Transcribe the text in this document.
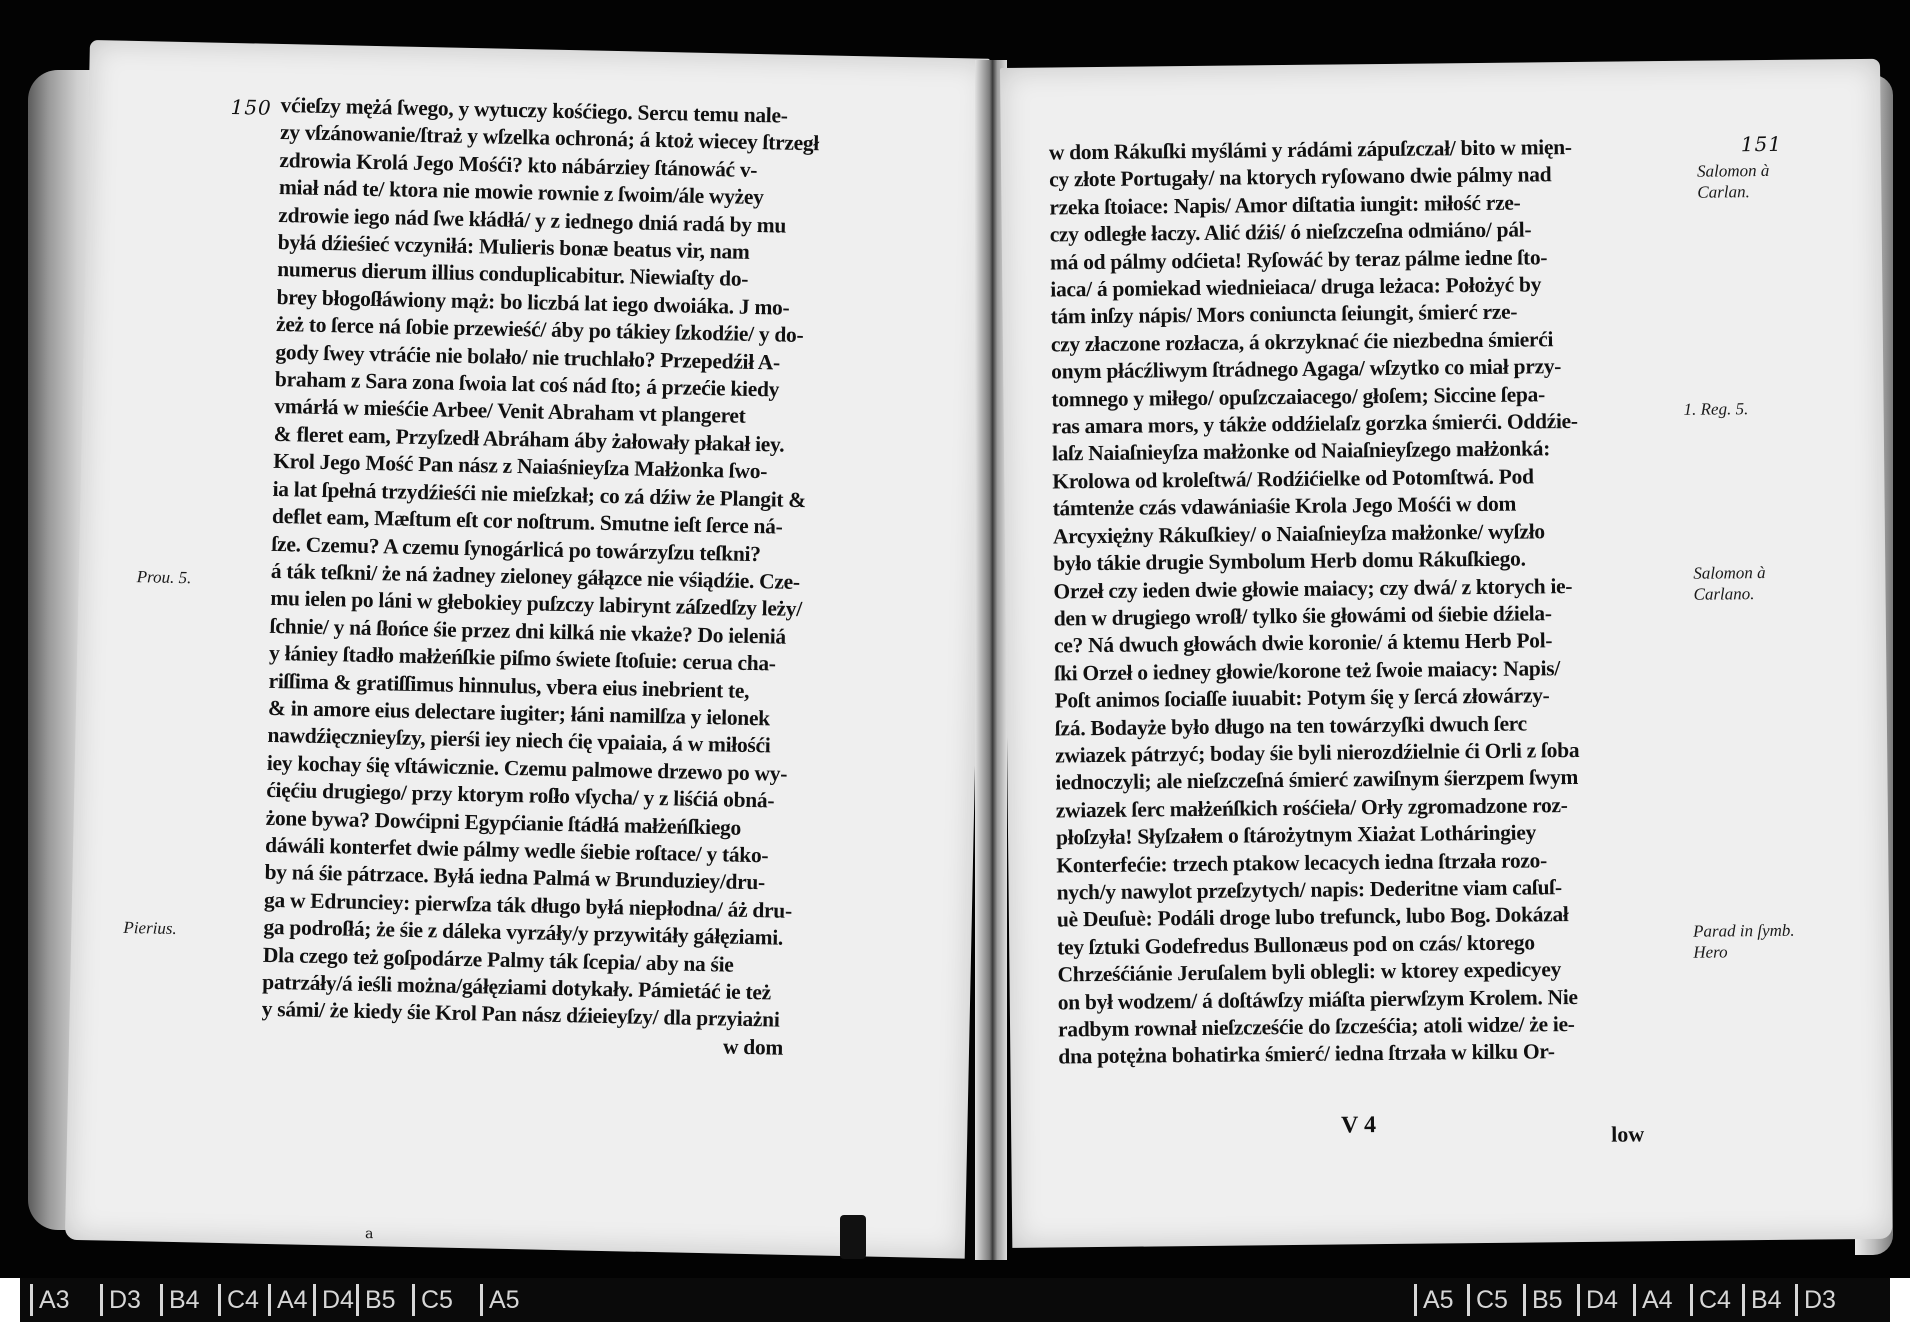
150 vćieſzy mężá ſwego, y wytuczy kośćiego. Sercu temu nale-
zy vſzánowanie/ſtraż y wſzelka ochroná; á ktoż wiecey ſtrzegł
zdrowia Krolá Jego Mośći? kto nábárziey ſtánowáć v-
miał nád te/ ktora nie mowie rownie z ſwoim/ále wyżey
zdrowie iego nád ſwe kłádłá/ y z iednego dniá radá by mu
byłá dźieśieć vczyniłá: Mulieris bonæ beatus vir, nam
numerus dierum illius conduplicabitur. Niewiaſty do-
brey błogoſłáwiony mąż: bo liczbá lat iego dwoiáka. J mo-
żeż to ſerce ná ſobie przewieść/ áby po tákiey ſzkodźie/ y do-
gody ſwey vtráćie nie bolało/ nie truchlało? Przepedźił A-
braham z Sara zona ſwoia lat coś nád ſto; á przećie kiedy
vmárłá w mieśćie Arbee/ Venit Abraham vt plangeret
& fleret eam, Przyſzedł Abráham áby żałowały płakał iey.
Krol Jego Mość Pan nász z Naiaśnieyſza Małżonka ſwo-
ia lat ſpełná trzydźieśći nie mieſzkał; co zá dźiw że Plangit &
deflet eam, Mæſtum eſt cor noſtrum. Smutne ieſt ſerce ná-
ſze. Czemu? A czemu ſynogárlicá po towárzyſzu teſkni?
á ták teſkni/ że ná żadney zieloney gáłązce nie vśiądźie. Cze-
mu ielen po láni w głebokiey puſzczy labirynt záſzedſzy leży/
ſchnie/ y ná ſłońce śie przez dni kilká nie vkaże? Do ieleniá
y łániey ſtadło małżeńſkie piſmo świete ſtoſuie: cerua cha-
riſſima & gratiſſimus hinnulus, vbera eius inebrient te,
& in amore eius delectare iugiter; łáni namilſza y ielonek
nawdźięcznieyſzy, pierśi iey niech ćię vpaiaia, á w miłośći
iey kochay śię vſtáwicznie. Czemu palmowe drzewo po wy-
ćięćiu drugiego/ przy ktorym roſło vſycha/ y z liśćiá obná-
żone bywa? Dowćipni Egypćianie ſtádłá małżeńſkiego
dáwáli konterfet dwie pálmy wedle śiebie roſtace/ y táko-
by ná śie pátrzace. Byłá iedna Palmá w Brunduziey/dru-
ga w Edrunciey: pierwſza ták długo byłá niepłodna/ áż dru-
ga podroſłá; że śie z dáleka vyrzáły/y przywitáły gáłęziami.
Dla czego też goſpodárze Palmy ták ſcepia/ aby na śie
patrzáły/á ieśli można/gáłęziami dotykały. Pámietáć ie też
y sámi/ że kiedy śie Krol Pan nász dźieieyſzy/ dla przyiażni
w dom
Prou. 5.
Pierius.
a
151
w dom Rákuſki myślámi y rádámi zápuſzczał/ bito w mięn-
cy złote Portugały/ na ktorych ryſowano dwie pálmy nad
rzeka ſtoiace: Napis/ Amor diſtatia iungit: miłość rze-
czy odległe łaczy. Alić dźiś/ ó nieſzczeſna odmiáno/ pál-
má od pálmy odćieta! Ryſowáć by teraz pálme iedne ſto-
iaca/ á pomiekad wiednieiaca/ druga leżaca: Położyć by
tám inſzy nápis/ Mors coniuncta ſeiungit, śmierć rze-
czy złaczone rozłacza, á okrzyknać ćie niezbedna śmierći
onym płácźliwym ſtrádnego Agaga/ wſzytko co miał przy-
tomnego y miłego/ opuſzczaiacego/ głoſem; Siccine ſepa-
ras amara mors, y tákże oddźielaſz gorzka śmierći. Oddźie-
laſz Naiaſnieyſza małżonke od Naiaſnieyſzego małżonká:
Krolowa od kroleſtwá/ Rodźićielke od Potomſtwá. Pod
támtenże czás vdawániaśie Krola Jego Mośći w dom
Arcyxiężny Rákuſkiey/ o Naiaſnieyſza małżonke/ wyſzło
było tákie drugie Symbolum Herb domu Rákuſkiego.
Orzeł czy ieden dwie głowie maiacy; czy dwá/ z ktorych ie-
den w drugiego wroſł/ tylko śie głowámi od śiebie dźiela-
ce? Ná dwuch głowách dwie koronie/ á ktemu Herb Pol-
ſki Orzeł o iedney głowie/korone też ſwoie maiacy: Napis/
Poſt animos ſociaſſe iuuabit: Potym śię y ſercá złowárzy-
ſzá. Bodayże było długo na ten towárzyſki dwuch ſerc
zwiazek pátrzyć; boday śie byli nierozdźielnie ći Orli z ſoba
iednoczyli; ale nieſzczeſná śmierć zawiſnym śierzpem ſwym
zwiazek ſerc małżeńſkich rośćieła/ Orły zgromadzone roz-
płoſzyła! Słyſzałem o ſtárożytnym Xiażat Lotháringiey
Konterfećie: trzech ptakow lecacych iedna ſtrzała rozo-
nych/y nawylot przeſzytych/ napis: Dederitne viam caſuſ-
uè Deuſuè: Podáli droge lubo trefunck, lubo Bog. Dokázał
tey ſztuki Godefredus Bullonæus pod on czás/ ktorego
Chrześćiánie Jeruſalem byli oblegli: w ktorey expedicyey
on był wodzem/ á doſtáwſzy miáſta pierwſzym Krolem. Nie
radbym rownał nieſzcześćie do ſzcześćia; atoli widze/ że ie-
dna potężna bohatirka śmierć/ iedna ſtrzała w kilku Or-
Salomon à Carlan.
1. Reg. 5.
Salomon à Carlano.
Parad in ſymb. Hero
V 4	low
A3	D3	B4	C4 A4 D4 B5	C5	A5	A5 C5 B5 D4 A4	C4 B4 D3
